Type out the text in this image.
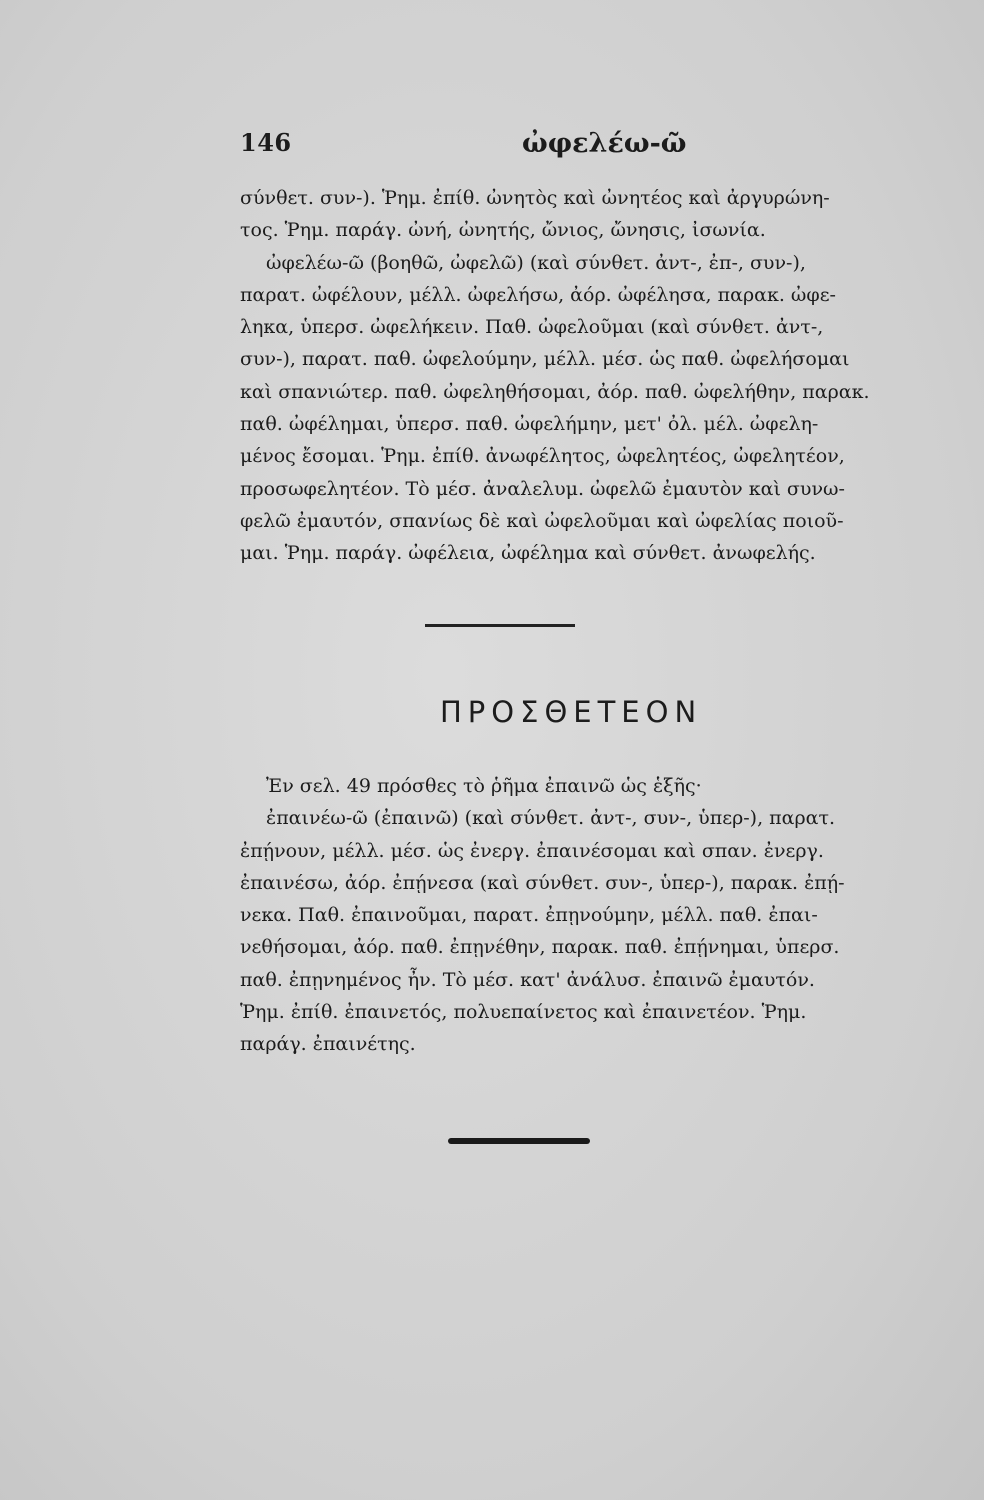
146	ὠφελέω-ῶ
σύνθετ. συν-). Ῥημ. ἐπίθ. ὠνητὸς καὶ ὠνητέος καὶ ἀργυρώνη-
τος. Ῥημ. παράγ. ὠνή, ὠνητής, ὤνιος, ὤνησις, ἰσωνία.
ὠφελέω-ῶ (βοηθῶ, ὠφελῶ) (καὶ σύνθετ. ἀντ-, ἐπ-, συν-),
παρατ. ὠφέλουν, μέλλ. ὠφελήσω, ἀόρ. ὠφέλησα, παρακ. ὠφε-
ληκα, ὑπερσ. ὠφελήκειν. Παθ. ὠφελοῦμαι (καὶ σύνθετ. ἀντ-,
συν-), παρατ. παθ. ὠφελούμην, μέλλ. μέσ. ὡς παθ. ὠφελήσομαι
καὶ σπανιώτερ. παθ. ὠφεληθήσομαι, ἀόρ. παθ. ὠφελήθην, παρακ.
παθ. ὠφέλημαι, ὑπερσ. παθ. ὠφελήμην, μετ' ὀλ. μέλ. ὠφελη-
μένος ἔσομαι. Ῥημ. ἐπίθ. ἀνωφέλητος, ὠφελητέος, ὠφελητέον,
προσωφελητέον. Τὸ μέσ. ἀναλελυμ. ὠφελῶ ἐμαυτὸν καὶ συνω-
φελῶ ἐμαυτόν, σπανίως δὲ καὶ ὠφελοῦμαι καὶ ὠφελίας ποιοῦ-
μαι. Ῥημ. παράγ. ὠφέλεια, ὠφέλημα καὶ σύνθετ. ἀνωφελής.
ΠΡΟΣΘΕΤΕΟΝ
Ἐν σελ. 49 πρόσθες τὸ ῥῆμα ἐπαινῶ ὡς ἑξῆς·
ἐπαινέω-ῶ (ἐπαινῶ) (καὶ σύνθετ. ἀντ-, συν-, ὑπερ-), παρατ.
ἐπῄνουν, μέλλ. μέσ. ὡς ἐνεργ. ἐπαινέσομαι καὶ σπαν. ἐνεργ.
ἐπαινέσω, ἀόρ. ἐπῄνεσα (καὶ σύνθετ. συν-, ὑπερ-), παρακ. ἐπῄ-
νεκα. Παθ. ἐπαινοῦμαι, παρατ. ἐπῃνούμην, μέλλ. παθ. ἐπαι-
νεθήσομαι, ἀόρ. παθ. ἐπῃνέθην, παρακ. παθ. ἐπῄνημαι, ὑπερσ.
παθ. ἐπῃνημένος ἦν. Τὸ μέσ. κατ' ἀνάλυσ. ἐπαινῶ ἐμαυτόν.
Ῥημ. ἐπίθ. ἐπαινετός, πολυεπαίνετος καὶ ἐπαινετέον. Ῥημ.
παράγ. ἐπαινέτης.
